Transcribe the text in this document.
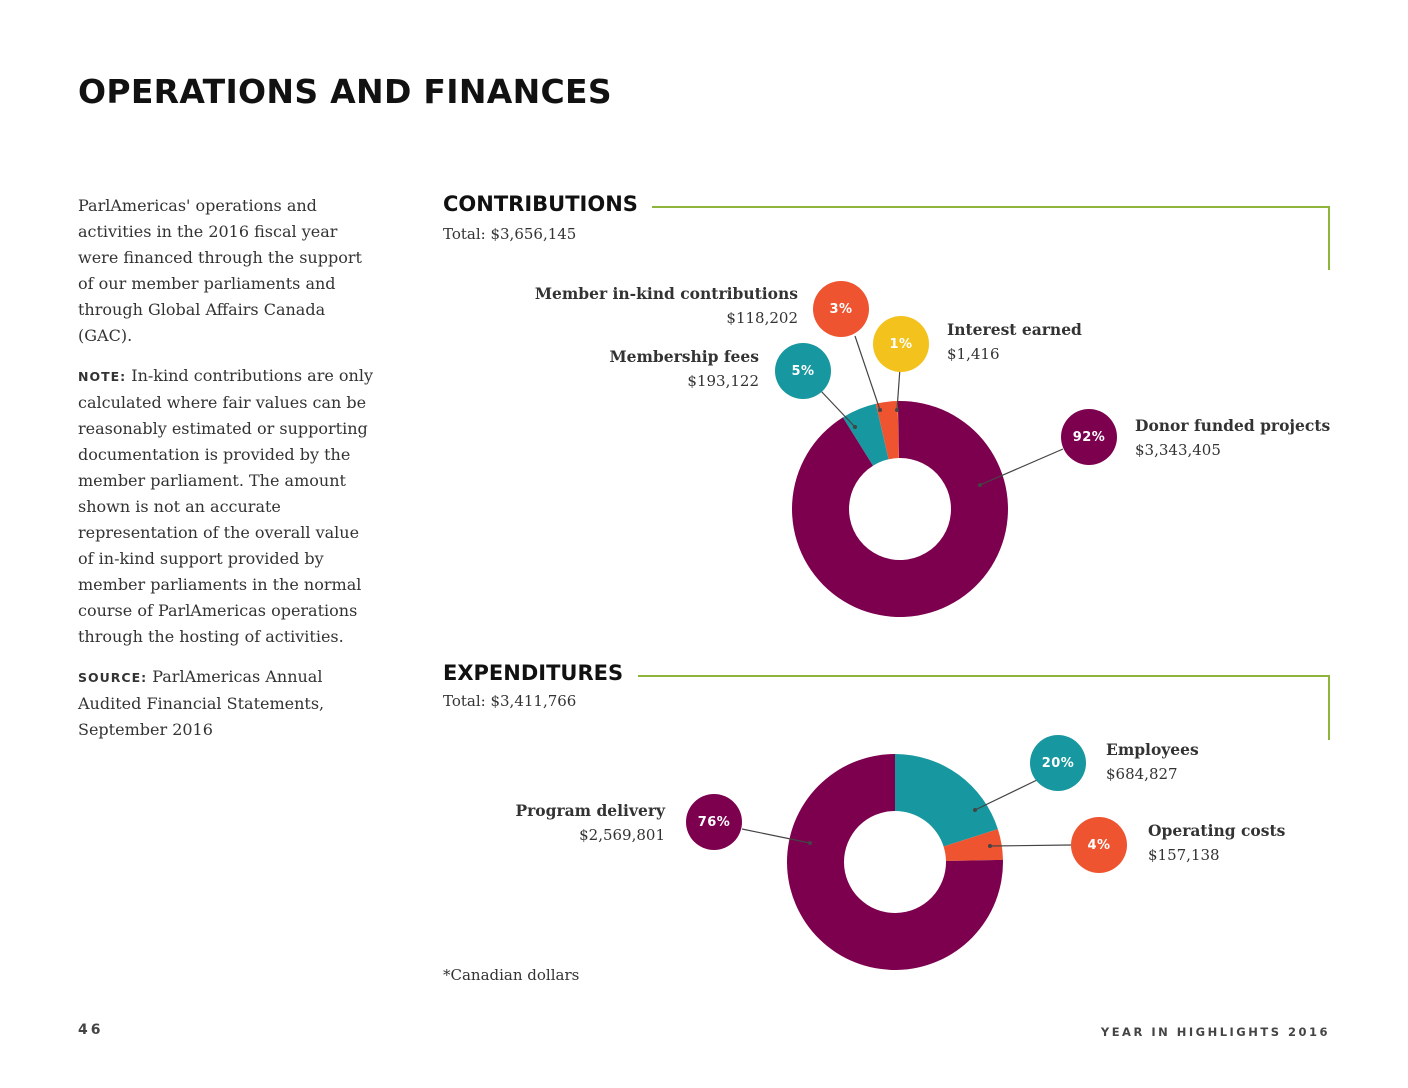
OPERATIONS AND FINANCES

ParlAmericas' operations and activities in the 2016 fiscal year were financed through the support of our member parliaments and through Global Affairs Canada (GAC).

NOTE: In-kind contributions are only calculated where fair values can be reasonably estimated or supporting documentation is provided by the member parliament. The amount shown is not an accurate representation of the overall value of in-kind support provided by member parliaments in the normal course of ParlAmericas operations through the hosting of activities.

SOURCE: ParlAmericas Annual Audited Financial Statements, September 2016

CONTRIBUTIONS
Total: $3,656,145
EXPENDITURES
Total: $3,411,766
3%
1%
5%
92%
20%
4%
76%
Member in-kind contributions
$118,202
Interest earned
$1,416
Membership fees
$193,122
Donor funded projects
$3,343,405
Employees
$684,827
Operating costs
$157,138
Program delivery
$2,569,801
*Canadian dollars
46	YEAR IN HIGHLIGHTS 2016
